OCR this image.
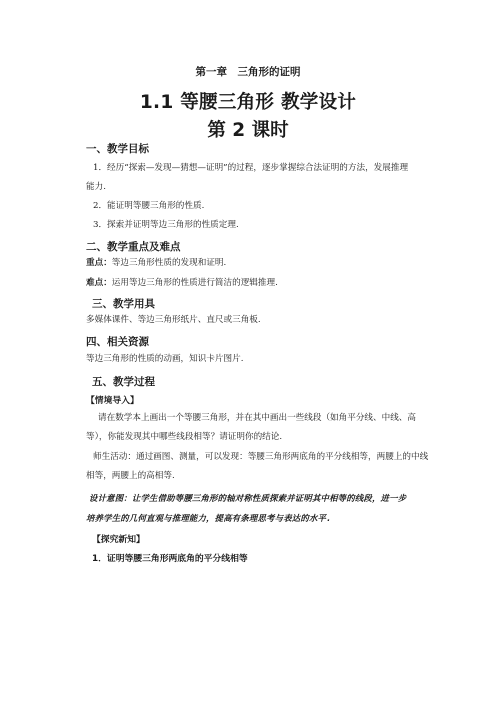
第一章　三角形的证明
1.1 等腰三角形 教学设计
第 2 课时
一、教学目标
1．经历“探索—发现—猜想—证明”的过程，逐步掌握综合法证明的方法，发展推理
能力.
2．能证明等腰三角形的性质.
3．探索并证明等边三角形的性质定理.
二、教学重点及难点
重点：等边三角形性质的发现和证明.
难点：运用等边三角形的性质进行简洁的逻辑推理.
三、教学用具
多媒体课件、等边三角形纸片、直尺或三角板.
四、相关资源
等边三角形的性质的动画，知识卡片图片.
五、教学过程
【情境导入】
请在数学本上画出一个等腰三角形，并在其中画出一些线段（如角平分线、中线、高
等），你能发现其中哪些线段相等？请证明你的结论.
师生活动：通过画图、测量，可以发现：等腰三角形两底角的平分线相等，两腰上的中线
相等，两腰上的高相等.
设计意图：让学生借助等腰三角形的轴对称性质探索并证明其中相等的线段，进一步
培养学生的几何直观与推理能力，提高有条理思考与表达的水平.
【探究新知】
1．证明等腰三角形两底角的平分线相等
